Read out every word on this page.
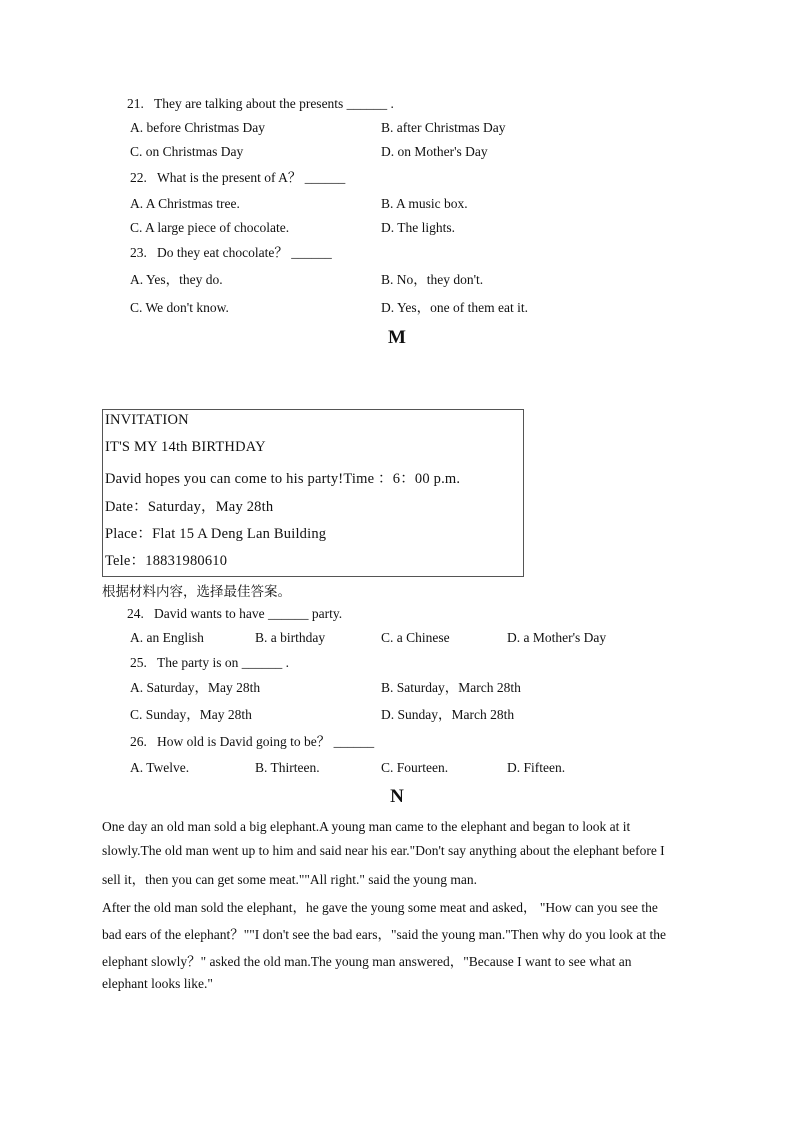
21.   They are talking about the presents ______ .
A. before Christmas Day	B. after Christmas Day
C. on Christmas Day	D. on Mother's Day
22.   What is the present of A？ ______
A. A Christmas tree.	B. A music box.
C. A large piece of chocolate.	D. The lights.
23.   Do they eat chocolate？ ______
A. Yes，they do.	B. No，they don't.
C. We don't know.	D. Yes，one of them eat it.
M
INVITATION
IT'S MY 14th BIRTHDAY
David hopes you can come to his party!Time ：6：00 p.m.
Date：Saturday，May 28th
Place：Flat 15 A Deng Lan Building
Tele：18831980610
根据材料内容，选择最佳答案。
24.   David wants to have ______ party.
A. an English	B. a birthday	C. a Chinese	D. a Mother's Day
25.   The party is on ______ .
A. Saturday，May 28th	B. Saturday，March 28th
C. Sunday，May 28th	D. Sunday，March 28th
26.   How old is David going to be？ ______
A. Twelve.	B. Thirteen.	C. Fourteen.	D. Fifteen.
N
One day an old man sold a big elephant.A young man came to the elephant and began to look at it
slowly.The old man went up to him and said near his ear."Don't say anything about the elephant before I
sell it，then you can get some meat.""All right." said the young man.
After the old man sold the elephant，he gave the young some meat and asked， "How can you see the
bad ears of the elephant？""I don't see the bad ears，"said the young man."Then why do you look at the
elephant slowly？" asked the old man.The young man answered，"Because I want to see what an
elephant looks like."
